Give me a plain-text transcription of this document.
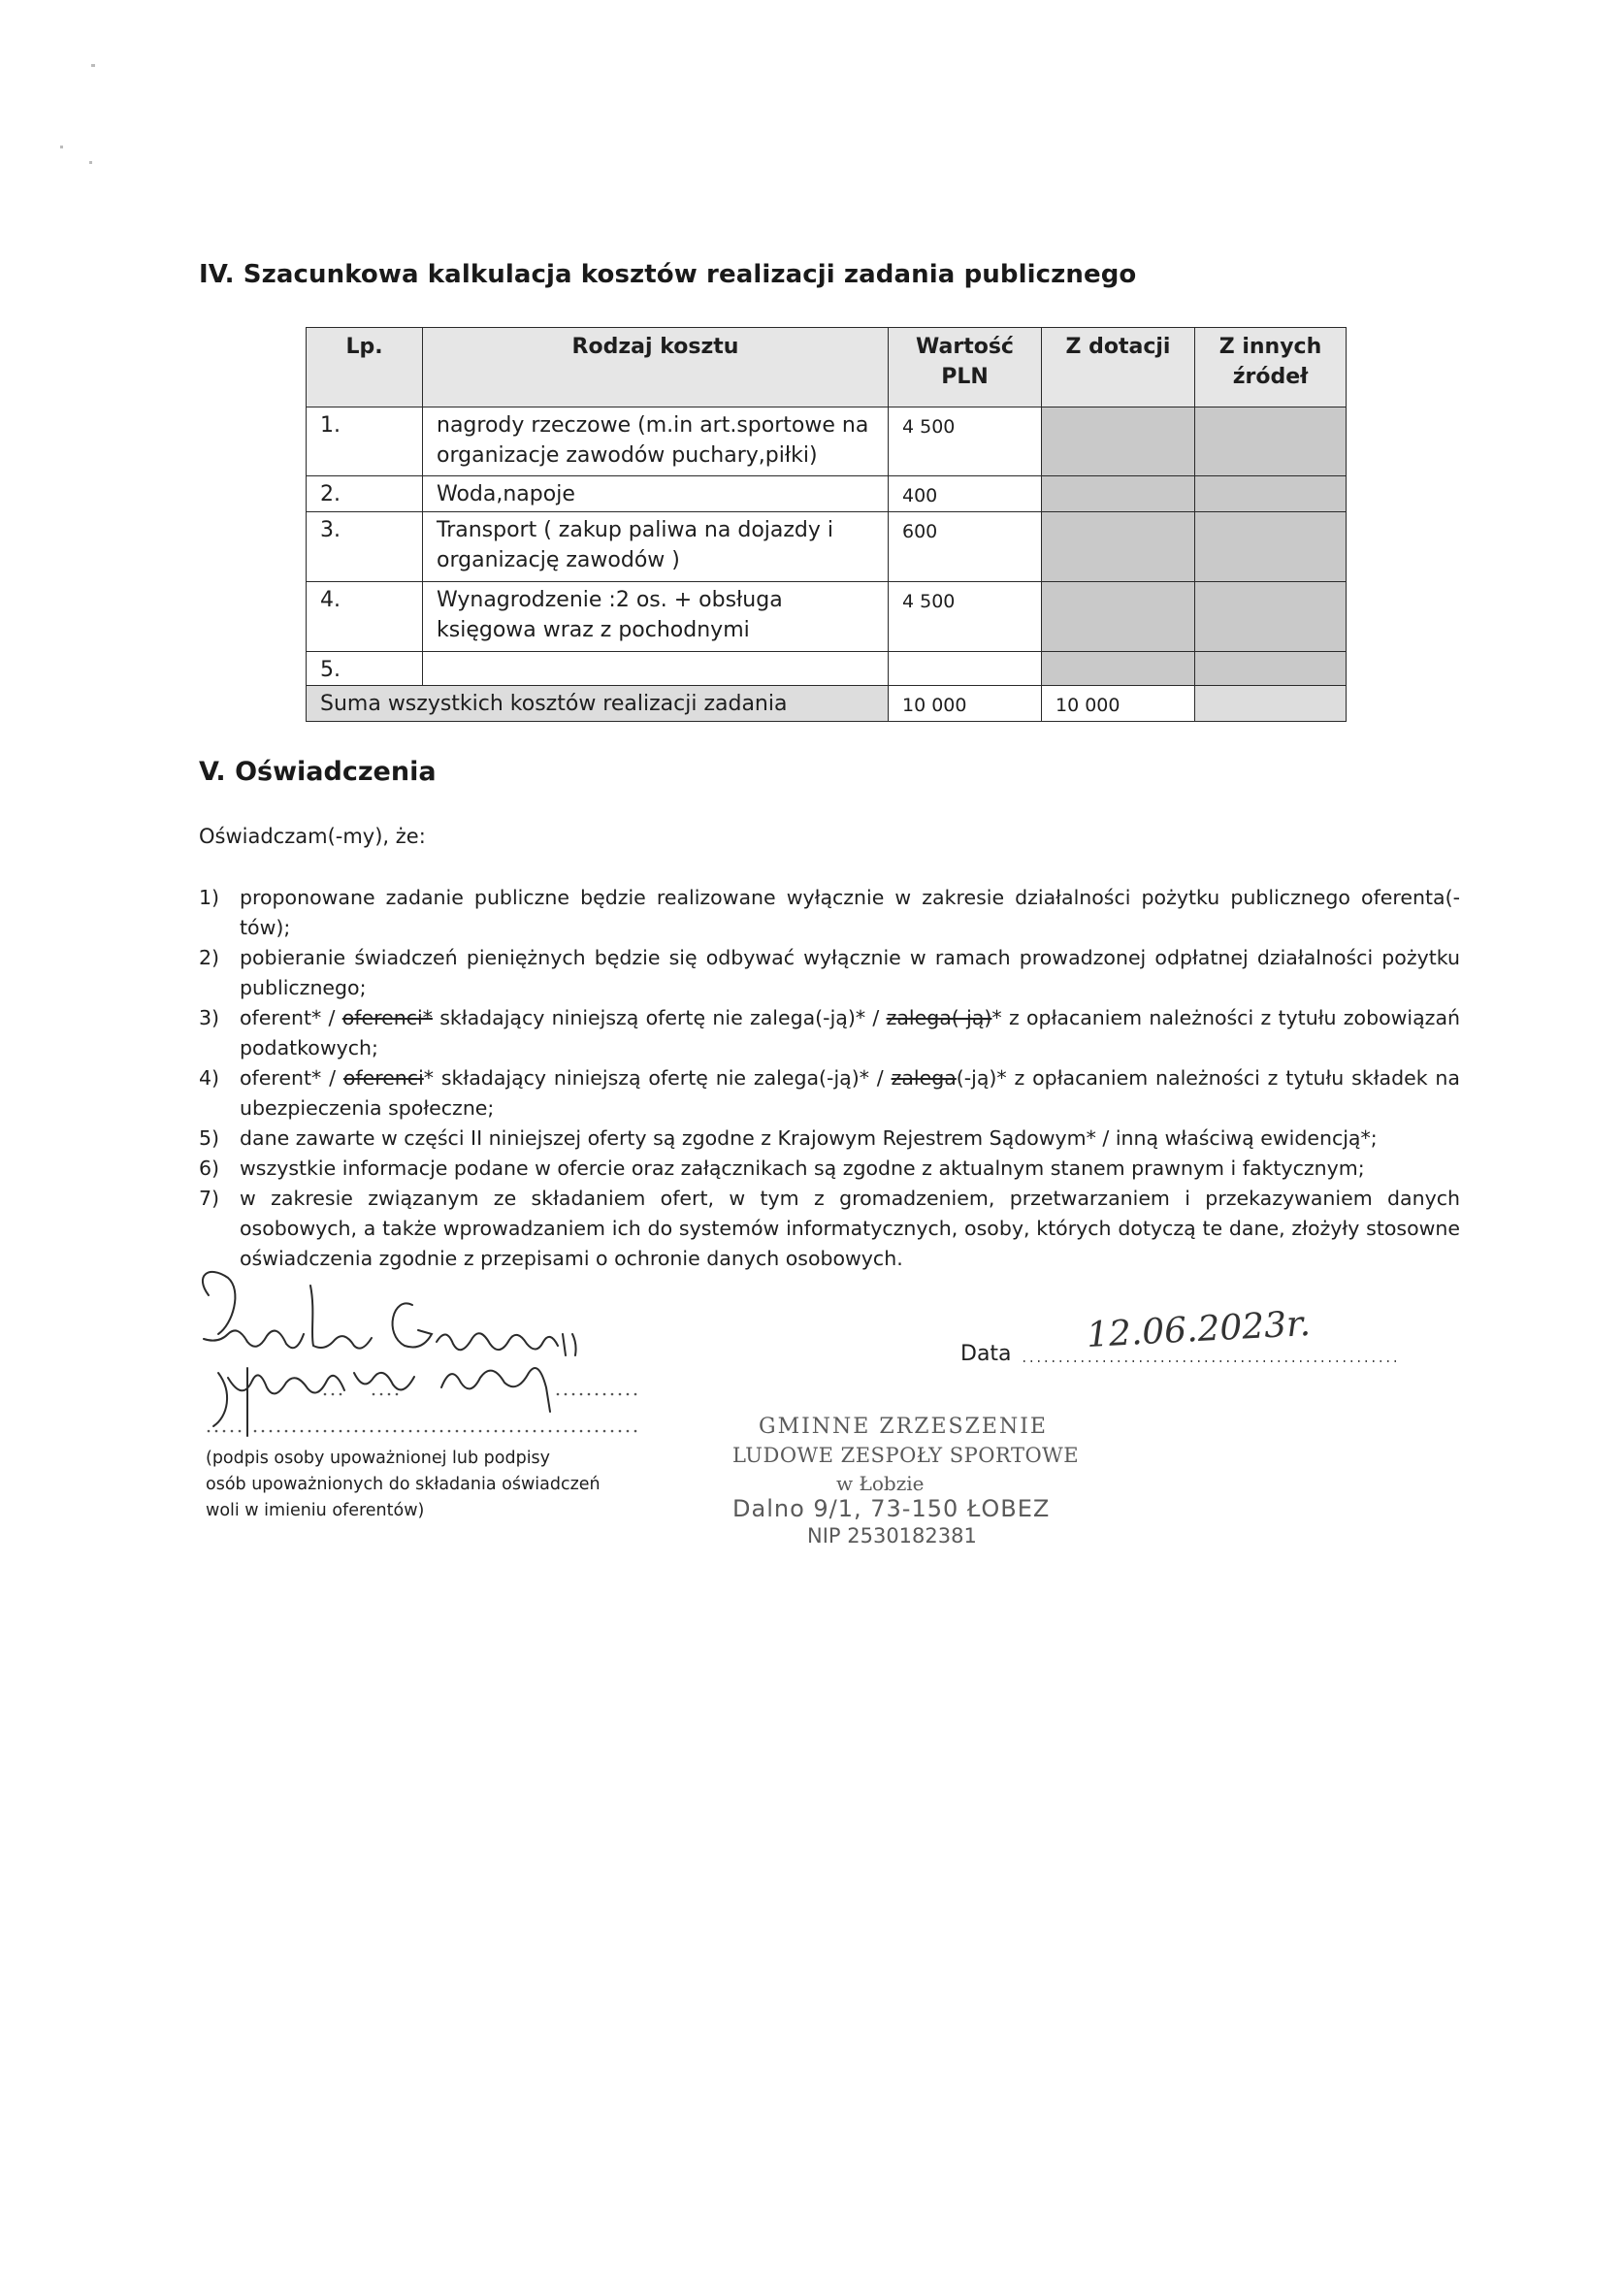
IV. Szacunkowa kalkulacja kosztów realizacji zadania publicznego
Lp.	Rodzaj kosztu	Wartość PLN	Z dotacji	Z innych źródeł
1.	nagrody rzeczowe (m.in art.sportowe na organizacje zawodów puchary,piłki)	4 500		
2.	Woda,napoje	400		
3.	Transport ( zakup paliwa na dojazdy i organizację zawodów )	600		
4.	Wynagrodzenie :2 os. + obsługa księgowa wraz z pochodnymi	4 500		
5.				
Suma wszystkich kosztów realizacji zadania		10 000	10 000	
V. Oświadczenia
Oświadczam(-my), że:
1) proponowane zadanie publiczne będzie realizowane wyłącznie w zakresie działalności pożytku publicznego oferenta(-tów);
2) pobieranie świadczeń pieniężnych będzie się odbywać wyłącznie w ramach prowadzonej odpłatnej działalności pożytku publicznego;
3) oferent* / oferenci* składający niniejszą ofertę nie zalega(-ją)* / zalega(-ją)* z opłacaniem należności z tytułu zobowiązań podatkowych;
4) oferent* / oferenci* składający niniejszą ofertę nie zalega(-ją)* / zalega(-ją)* z opłacaniem należności z tytułu składek na ubezpieczenia społeczne;
5) dane zawarte w części II niniejszej oferty są zgodne z Krajowym Rejestrem Sądowym* / inną właściwą ewidencją*;
6) wszystkie informacje podane w ofercie oraz załącznikach są zgodne z aktualnym stanem prawnym i faktycznym;
7) w zakresie związanym ze składaniem ofert, w tym z gromadzeniem, przetwarzaniem i przekazywaniem danych osobowych, a także wprowadzaniem ich do systemów informatycznych, osoby, których dotyczą te dane, złożyły stosowne oświadczenia zgodnie z przepisami o ochronie danych osobowych.
(podpis osoby upoważnionej lub podpisy
osób upoważnionych do składania oświadczeń
woli w imieniu oferentów)
Data 12.06.2023r.
GMINNE ZRZESZENIE
LUDOWE ZESPOŁY SPORTOWE
w Łobzie
Dalno 9/1, 73-150 ŁOBEZ
NIP 2530182381
